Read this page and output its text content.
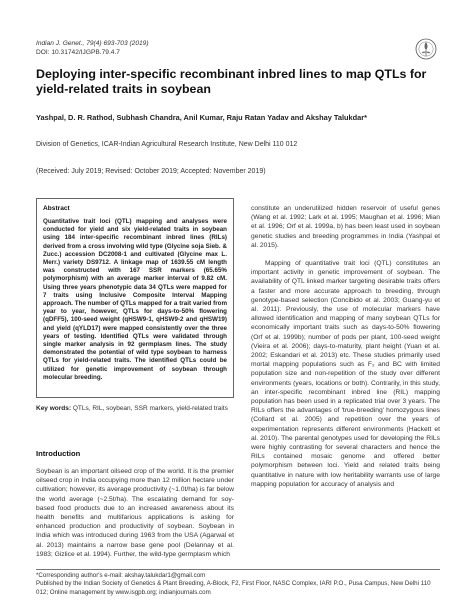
Indian J. Genet., 79(4) 693-703 (2019)
DOI: 10.31742/IJGPB.79.4.7
Deploying inter-specific recombinant inbred lines to map QTLs for yield-related traits in soybean
Yashpal, D. R. Rathod, Subhash Chandra, Anil Kumar, Raju Ratan Yadav and Akshay Talukdar*
Division of Genetics, ICAR-Indian Agricultural Research Institute, New Delhi 110 012
(Received: July 2019; Revised: October 2019; Accepted: November 2019)
Abstract
Quantitative trait loci (QTL) mapping and analyses were conducted for yield and six yield-related traits in soybean using 184 inter-specific recombinant inbred lines (RILs) derived from a cross involving wild type (Glycine soja Sieb. & Zucc.) accession DC2008-1 and cultivated (Glycine max L. Merr.) variety DS9712. A linkage map of 1639.55 cM length was constructed with 167 SSR markers (65.65% polymorphism) with an average marker interval of 9.82 cM. Using three years phenotypic data 34 QTLs were mapped for 7 traits using Inclusive Composite Interval Mapping approach. The number of QTLs mapped for a trait varied from year to year, however, QTLs for days-to-50% flowering (qDFF5), 100-seed weight (qHSW9-1, qHSW9-2 and qHSW19) and yield (qYLD17) were mapped consistently over the three years of testing. Identified QTLs were validated through single marker analysis in 92 germplasm lines. The study demonstrated the potential of wild type soybean to harness QTLs for yield-related traits. The identified QTLs could be utilized for genetic improvement of soybean through molecular breeding.
Key words: QTLs, RIL, soybean, SSR markers, yield-related traits
Introduction
Soybean is an important oilseed crop of the world. It is the premier oilseed crop in India occupying more than 12 million hectare under cultivation; however, its average productivity (~1.0t/ha) is far below the world average (~2.5t/ha). The escalating demand for soy-based food products due to an increased awareness about its health benefits and multifarious applications is asking for enhanced production and productivity of soybean. Soybean in India which was introduced during 1963 from the USA (Agarwal et al. 2013) maintains a narrow base gene pool (Delannay et al. 1983; Gizlice et al. 1994). Further, the wild-type germplasm which

constitute an underutilized hidden reservoir of useful genes (Wang et al. 1992; Lark et al. 1995; Maughan et al. 1996; Mian et al. 1996; Orf et al. 1999a, b) has been least used in soybean genetic studies and breeding programmes in India (Yashpal et al. 2015).

Mapping of quantitative trait loci (QTL) constitutes an important activity in genetic improvement of soybean. The availability of QTL linked marker targeting desirable traits offers a faster and more accurate approach to breeding, through genotype-based selection (Concibido et al. 2003; Guang-yu et al. 2011). Previously, the use of molecular markers have allowed identification and mapping of many soybean QTLs for economically important traits such as days-to-50% flowering (Orf et al. 1999b); number of pods per plant, 100-seed weight (Vieira et al. 2006); days-to-maturity, plant height (Yuan et al. 2002; Eskandari et al. 2013) etc. These studies primarily used mortal mapping populations such as F₂ and BC with limited population size and non-repetition of the study over different environments (years, locations or both). Contrarily, in this study, an inter-specific recombinant inbred line (RIL) mapping population has been used in a replicated trial over 3 years. The RILs offers the advantages of 'true-breeding' homozygous lines (Collard et al. 2005) and repetition over the years of experimentation represents different environments (Hackett et al. 2010). The parental genotypes used for developing the RILs were highly contrasting for several characters and hence the RILs contained mosaic genome and offered better polymorphism between loci. Yield and related traits being quantitative in nature with low heritability warrants use of large mapping population for accuracy of analysis and

*Corresponding author's e-mail: akshay.talukdar1@gmail.com
Published by the Indian Society of Genetics & Plant Breeding, A-Block, F2, First Floor, NASC Complex, IARI P.O., Pusa Campus, New Delhi 110 012; Online management by www.isgpb.org; indianjournals.com
